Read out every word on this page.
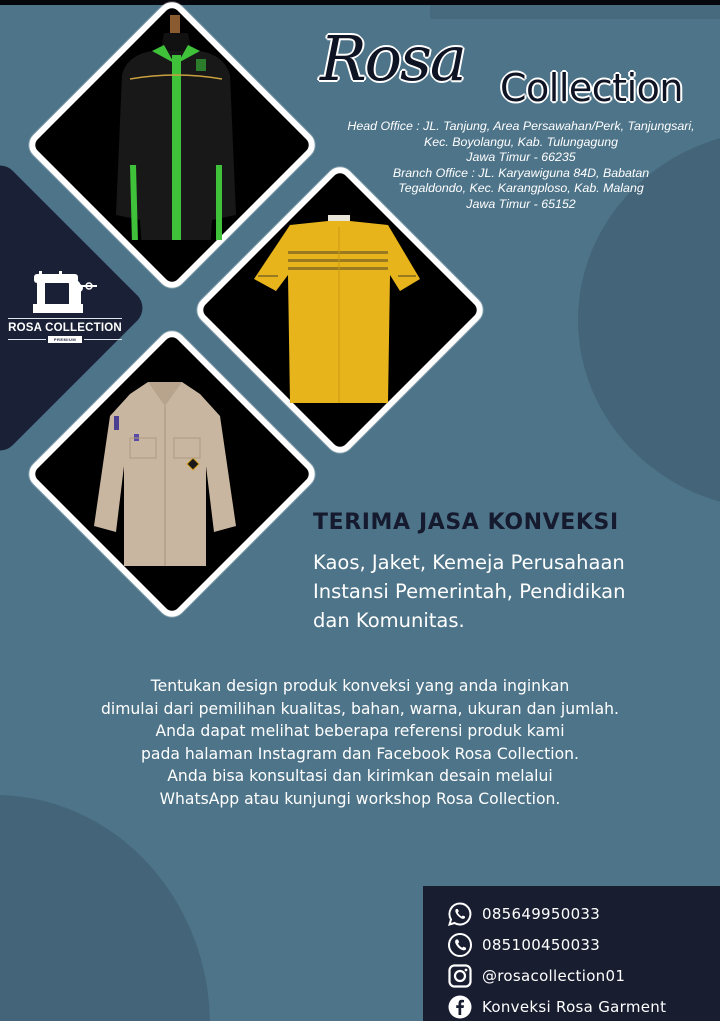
ROSA COLLECTION
PREMIUM
Rosa Collection
Head Office : JL. Tanjung, Area Persawahan/Perk, Tanjungsari,
Kec. Boyolangu, Kab. Tulungagung
Jawa Timur - 66235
Branch Office : JL. Karyawiguna 84D, Babatan
Tegaldondo, Kec. Karangploso, Kab. Malang
Jawa Timur - 65152
TERIMA JASA KONVEKSI
Kaos, Jaket, Kemeja Perusahaan
Instansi Pemerintah, Pendidikan
dan Komunitas.
Tentukan design produk konveksi yang anda inginkan
dimulai dari pemilihan kualitas, bahan, warna, ukuran dan jumlah.
Anda dapat melihat beberapa referensi produk kami
pada halaman Instagram dan Facebook Rosa Collection.
Anda bisa konsultasi dan kirimkan desain melalui
WhatsApp atau kunjungi workshop Rosa Collection.
085649950033
085100450033
@rosacollection01
Konveksi Rosa Garment
